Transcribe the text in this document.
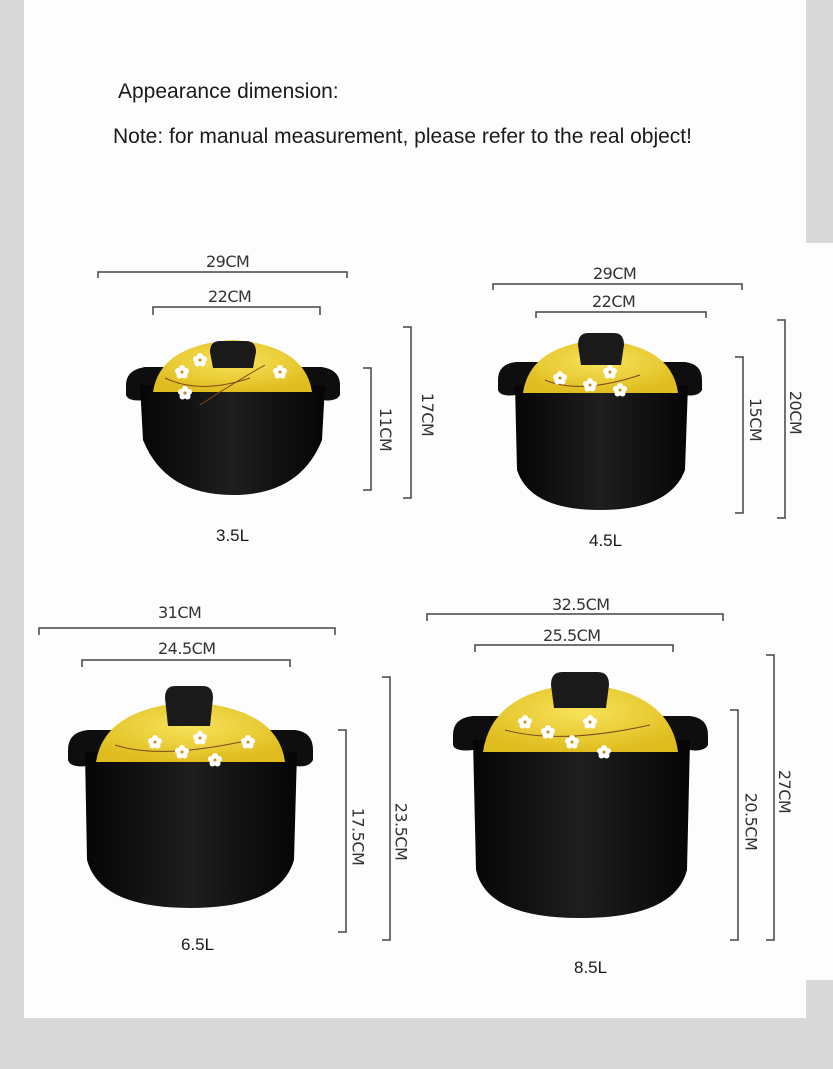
Appearance dimension:
Note: for manual measurement, please refer to the real object!
29CM
22CM
11CM 17CM
3.5L
29CM
22CM
15CM 20CM
4.5L
31CM
24.5CM
17.5CM 23.5CM
6.5L
32.5CM
25.5CM
20.5CM
27CM
8.5L
